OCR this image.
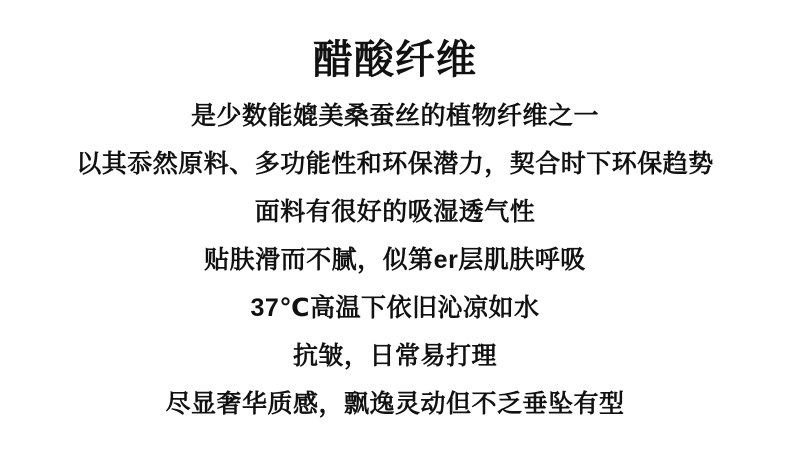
醋酸纤维

是少数能媲美桑蚕丝的植物纤维之一

以其忝然原料、多功能性和环保潜力，契合时下环保趋势

面料有很好的吸湿透气性

贴肤滑而不腻，似第er层肌肤呼吸

37℃高温下依旧沁凉如水

抗皱，日常易打理

尽显奢华质感，飘逸灵动但不乏垂坠有型
